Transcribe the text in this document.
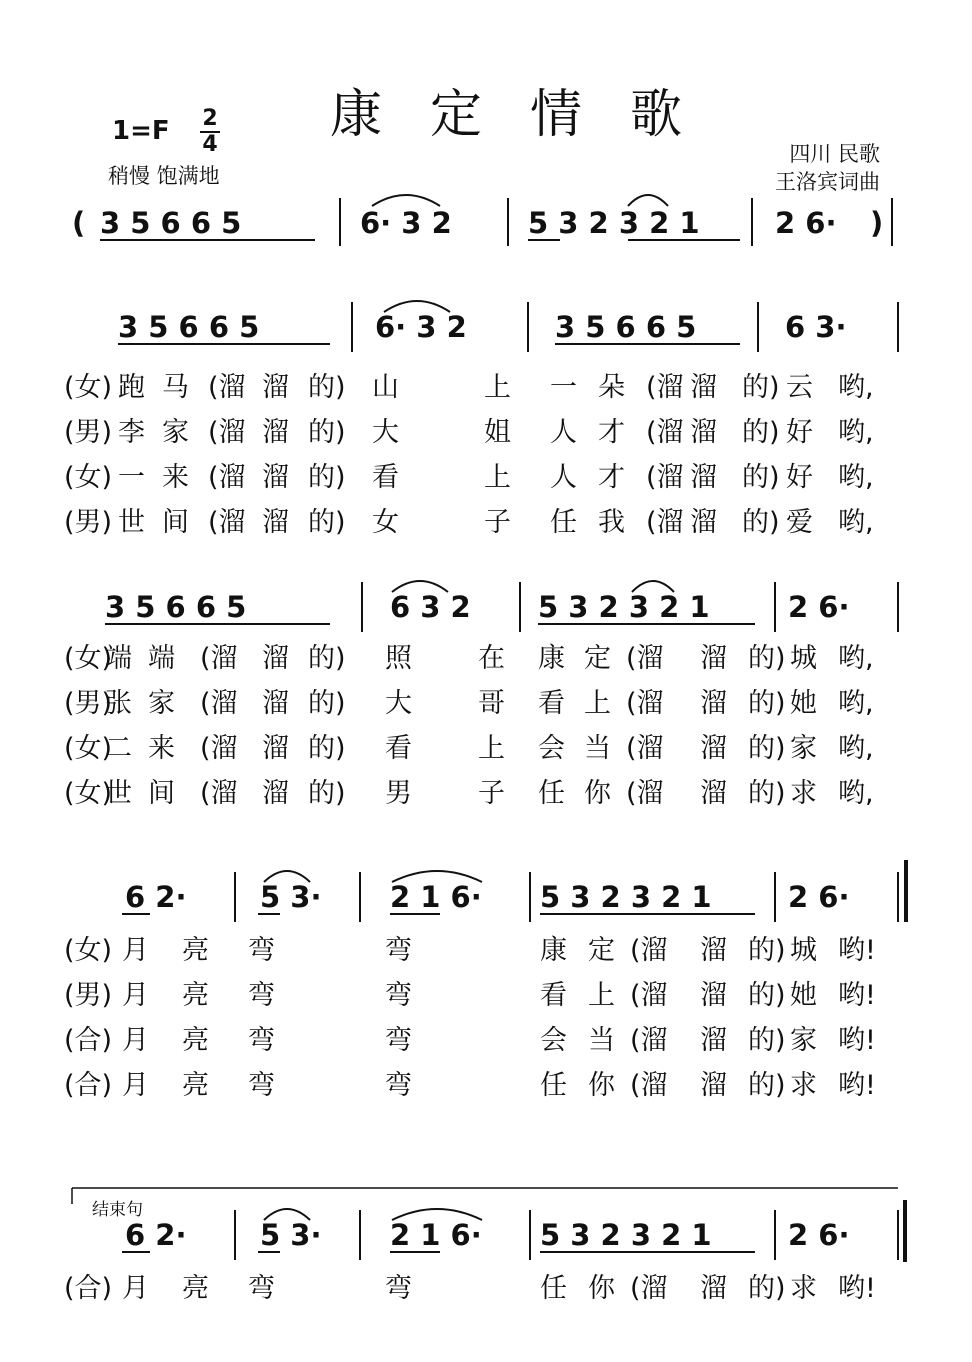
康定情歌
1=F 2
4
稍慢 饱满地
四川 民歌
王洛宾词曲
(	)
3 5 6 6 5	6· 3 2	5 3 2 3 2 1	2 6·
3 5 6 6 5	6· 3 2	3 5 6 6 5	6 3·
(女) 跑 马 (溜 溜 的) 山	上 一 朵 (溜 溜 的) 云 哟,
(男) 李 家 (溜 溜 的) 大	姐 人 才 (溜 溜 的) 好 哟,
(女) 一 来 (溜 溜 的) 看	上 人 才 (溜 溜 的) 好 哟,
(男) 世 间 (溜 溜 的) 女	子 任 我 (溜 溜 的) 爱 哟,
3 5 6 6 5	6 3 2 5 3 2 3 2 1	2 6·
(女)
端 端 (溜 溜 的) 照 在 康 定 (溜 溜 的) 城 哟,
(男)
张 家 (溜 溜 的) 大 哥 看 上 (溜 溜 的) 她 哟,
(女)
二 来 (溜 溜 的) 看 上 会 当 (溜 溜 的) 家 哟,
(女)
世 间 (溜 溜 的) 男 子 任 你 (溜 溜 的) 求 哟,
6 2·	5 3· 2 1 6· 5 3 2 3 2 1	2 6·
(女) 月 亮 弯	弯	康 定 (溜 溜 的) 城 哟!
(男) 月 亮 弯	弯	看 上 (溜 溜 的) 她 哟!
(合) 月 亮 弯	弯	会 当 (溜 溜 的) 家 哟!
(合) 月 亮 弯	弯	任 你 (溜 溜 的) 求 哟!
6 2·	5 3· 2 1 6· 5 3 2 3 2 1	2 6·
(合) 月 亮 弯	弯	任 你 (溜 溜 的) 求 哟!
结束句
